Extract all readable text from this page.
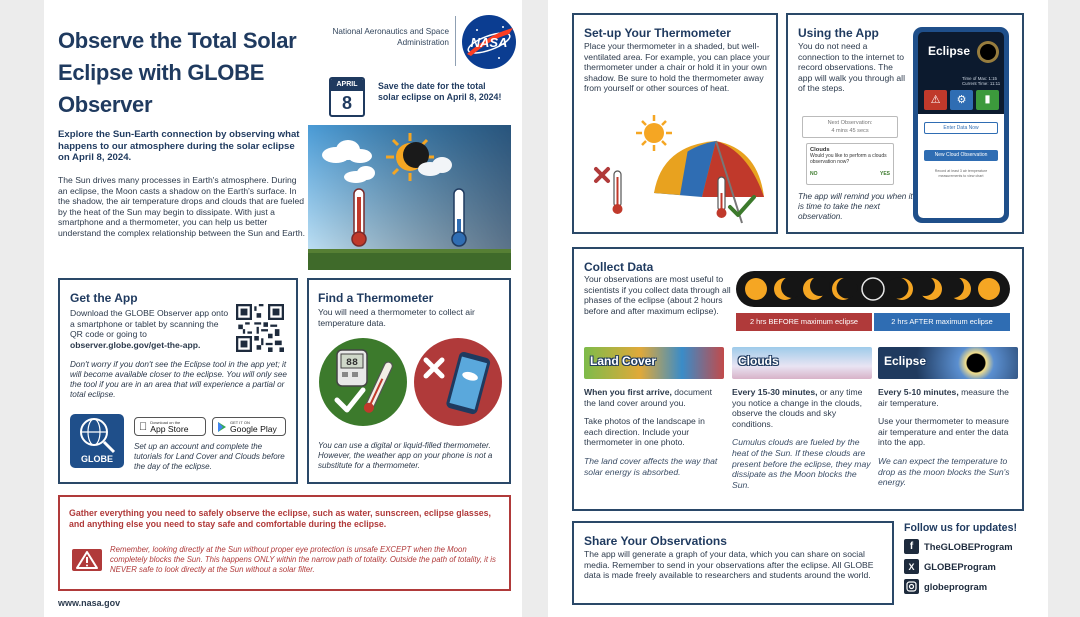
Observe the Total Solar Eclipse with GLOBE Observer
National Aeronautics and Space Administration NASA
APRIL
8
Save the date for the total solar eclipse on April 8, 2024!
Explore the Sun-Earth connection by observing what happens to our atmosphere during the solar eclipse on April 8, 2024.
The Sun drives many processes in Earth's atmosphere. During an eclipse, the Moon casts a shadow on the Earth's surface. In the shadow, the air temperature drops and clouds that are fueled by the heat of the Sun may begin to dissipate. With just a smartphone and a thermometer, you can help us better understand the complex relationship between the Sun and Earth.
Get the App
Download the GLOBE Observer app onto a smartphone or tablet by scanning the QR code or going to observer.globe.gov/get-the-app.
Don't worry if you don't see the Eclipse tool in the app yet; it will become available closer to the eclipse. You will only see the tool if you are in an area that will experience a partial or total eclipse.
GLOBE
Download on the
App Store
GET IT ON
Google Play
Set up an account and complete the tutorials for Land Cover and Clouds before the day of the eclipse.
Find a Thermometer
You will need a thermometer to collect air temperature data.
88
You can use a digital or liquid-filled thermometer. However, the weather app on your phone is not a substitute for a thermometer.
Gather everything you need to safely observe the eclipse, such as water, sunscreen, eclipse glasses, and anything else you need to stay safe and comfortable during the eclipse.
Remember, looking directly at the Sun without proper eye protection is unsafe EXCEPT when the Moon completely blocks the Sun. This happens ONLY within the narrow path of totality. Outside the path of totality, it is NEVER safe to look directly at the Sun without a solar filter.
www.nasa.gov
Set-up Your Thermometer
Place your thermometer in a shaded, but well-ventilated area. For example, you can place your thermometer under a chair or hold it in your own shadow. Be sure to hold the thermometer away from yourself or other sources of heat.
Using the App
You do not need a connection to the internet to record observations. The app will walk you through all of the steps.
Next Observation:
4 mins 45 secs
Clouds
Would you like to perform a clouds observation now?
NO	YES
The app will remind you when it is time to take the next observation.
Eclipse
Time of Max: 1:15
Current Time: 11:11
⚠	⚙	▮
Enter Data Now
New Cloud Observation
Record at least 3 air temperature measurements to view chart
Collect Data
Your observations are most useful to scientists if you collect data through all phases of the eclipse (about 2 hours before and after maximum eclipse).
2 hrs BEFORE maximum eclipse	2 hrs AFTER maximum eclipse
Land Cover

When you first arrive, document the land cover around you.

Take photos of the landscape in each direction. Include your thermometer in one photo.

The land cover affects the way that solar energy is absorbed.

Clouds

Every 15-30 minutes, or any time you notice a change in the clouds, observe the clouds and sky conditions.

Cumulus clouds are fueled by the heat of the Sun. If these clouds are present before the eclipse, they may dissipate as the Moon blocks the Sun.

Eclipse

Every 5-10 minutes, measure the air temperature.

Use your thermometer to measure air temperature and enter the data into the app.

We can expect the temperature to drop as the moon blocks the Sun's energy.

Share Your Observations
The app will generate a graph of your data, which you can share on social media. Remember to send in your observations after the eclipse. All GLOBE data is made freely available to researchers and students around the world.
Follow us for updates!
f	TheGLOBEProgram
X	GLOBEProgram
globeprogram
